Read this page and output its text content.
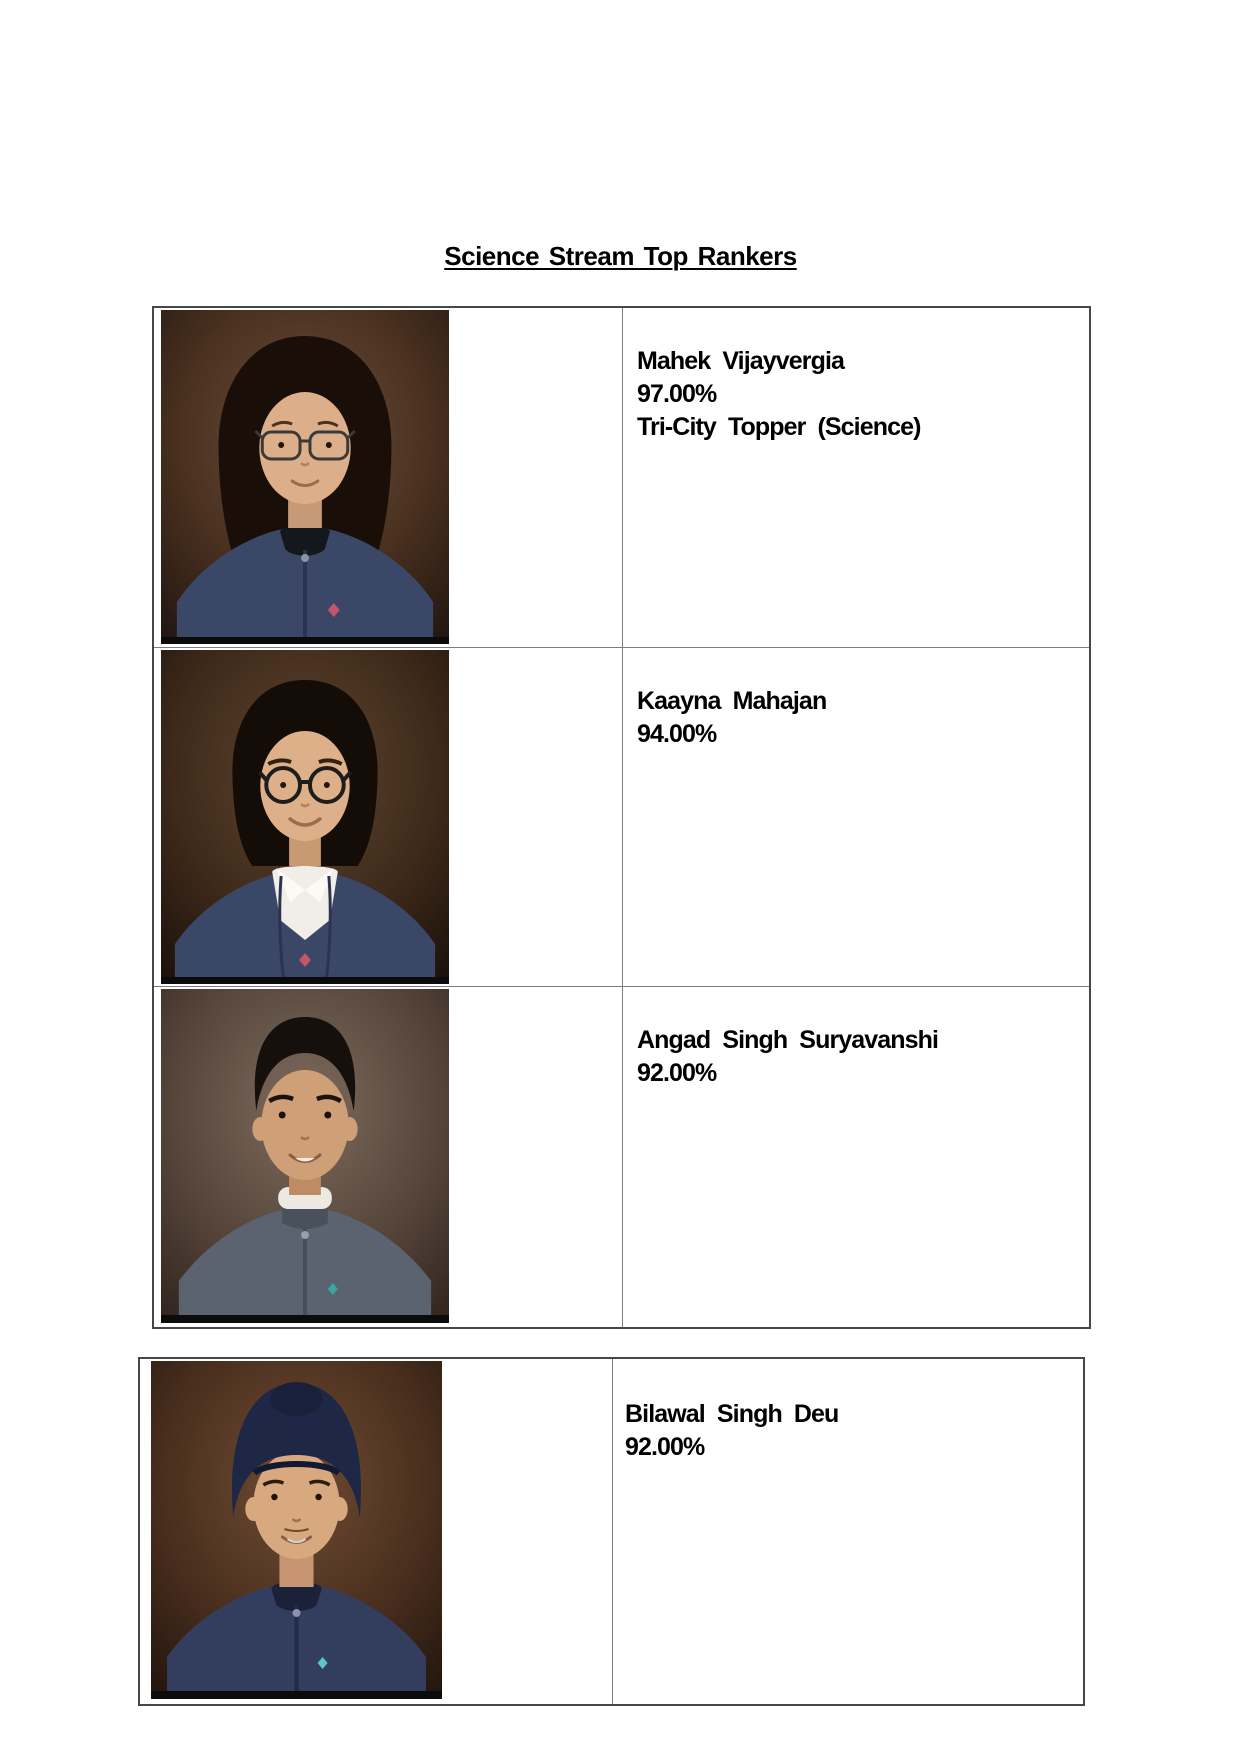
Science Stream Top Rankers
Mahek Vijayvergia
97.00%
Tri-City Topper (Science)
Kaayna Mahajan
94.00%
Angad Singh Suryavanshi
92.00%
Bilawal Singh Deu
92.00%
